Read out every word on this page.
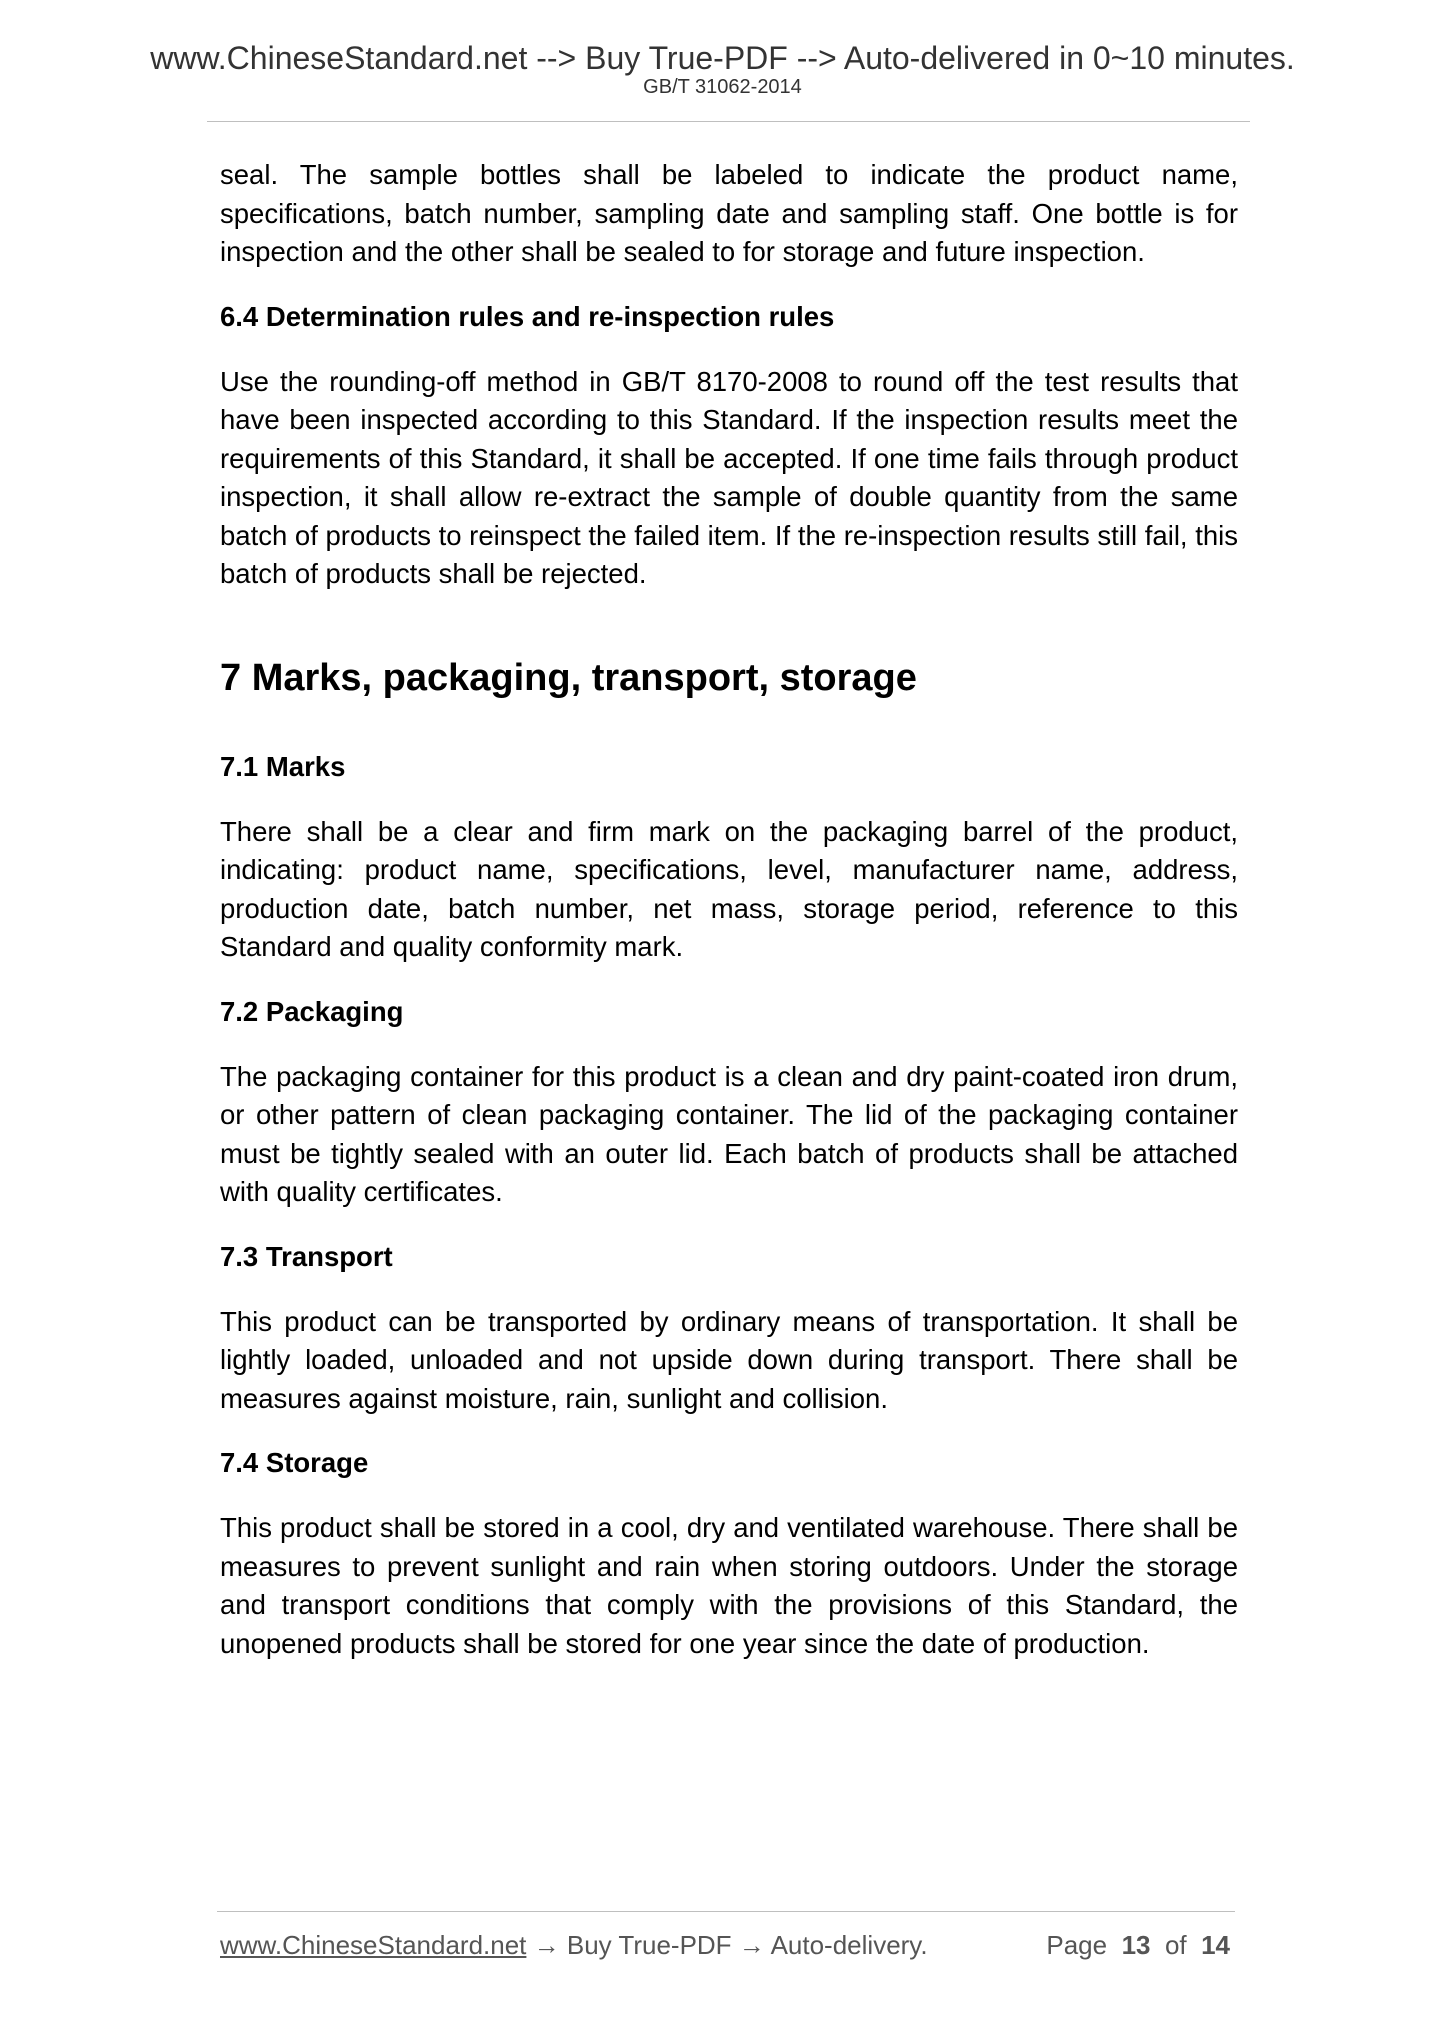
www.ChineseStandard.net --> Buy True-PDF --> Auto-delivered in 0~10 minutes.
GB/T 31062-2014

seal. The sample bottles shall be labeled to indicate the product name, specifications, batch number, sampling date and sampling staff. One bottle is for inspection and the other shall be sealed to for storage and future inspection.

6.4 Determination rules and re-inspection rules

Use the rounding-off method in GB/T 8170-2008 to round off the test results that have been inspected according to this Standard. If the inspection results meet the requirements of this Standard, it shall be accepted. If one time fails through product inspection, it shall allow re-extract the sample of double quantity from the same batch of products to reinspect the failed item. If the re-inspection results still fail, this batch of products shall be rejected.

7 Marks, packaging, transport, storage

7.1 Marks

There shall be a clear and firm mark on the packaging barrel of the product, indicating: product name, specifications, level, manufacturer name, address, production date, batch number, net mass, storage period, reference to this Standard and quality conformity mark.

7.2 Packaging

The packaging container for this product is a clean and dry paint-coated iron drum, or other pattern of clean packaging container. The lid of the packaging container must be tightly sealed with an outer lid. Each batch of products shall be attached with quality certificates.

7.3 Transport

This product can be transported by ordinary means of transportation. It shall be lightly loaded, unloaded and not upside down during transport. There shall be measures against moisture, rain, sunlight and collision.

7.4 Storage

This product shall be stored in a cool, dry and ventilated warehouse. There shall be measures to prevent sunlight and rain when storing outdoors. Under the storage and transport conditions that comply with the provisions of this Standard, the unopened products shall be stored for one year since the date of production.

www.ChineseStandard.net → Buy True-PDF → Auto-delivery.	Page 13 of 14
